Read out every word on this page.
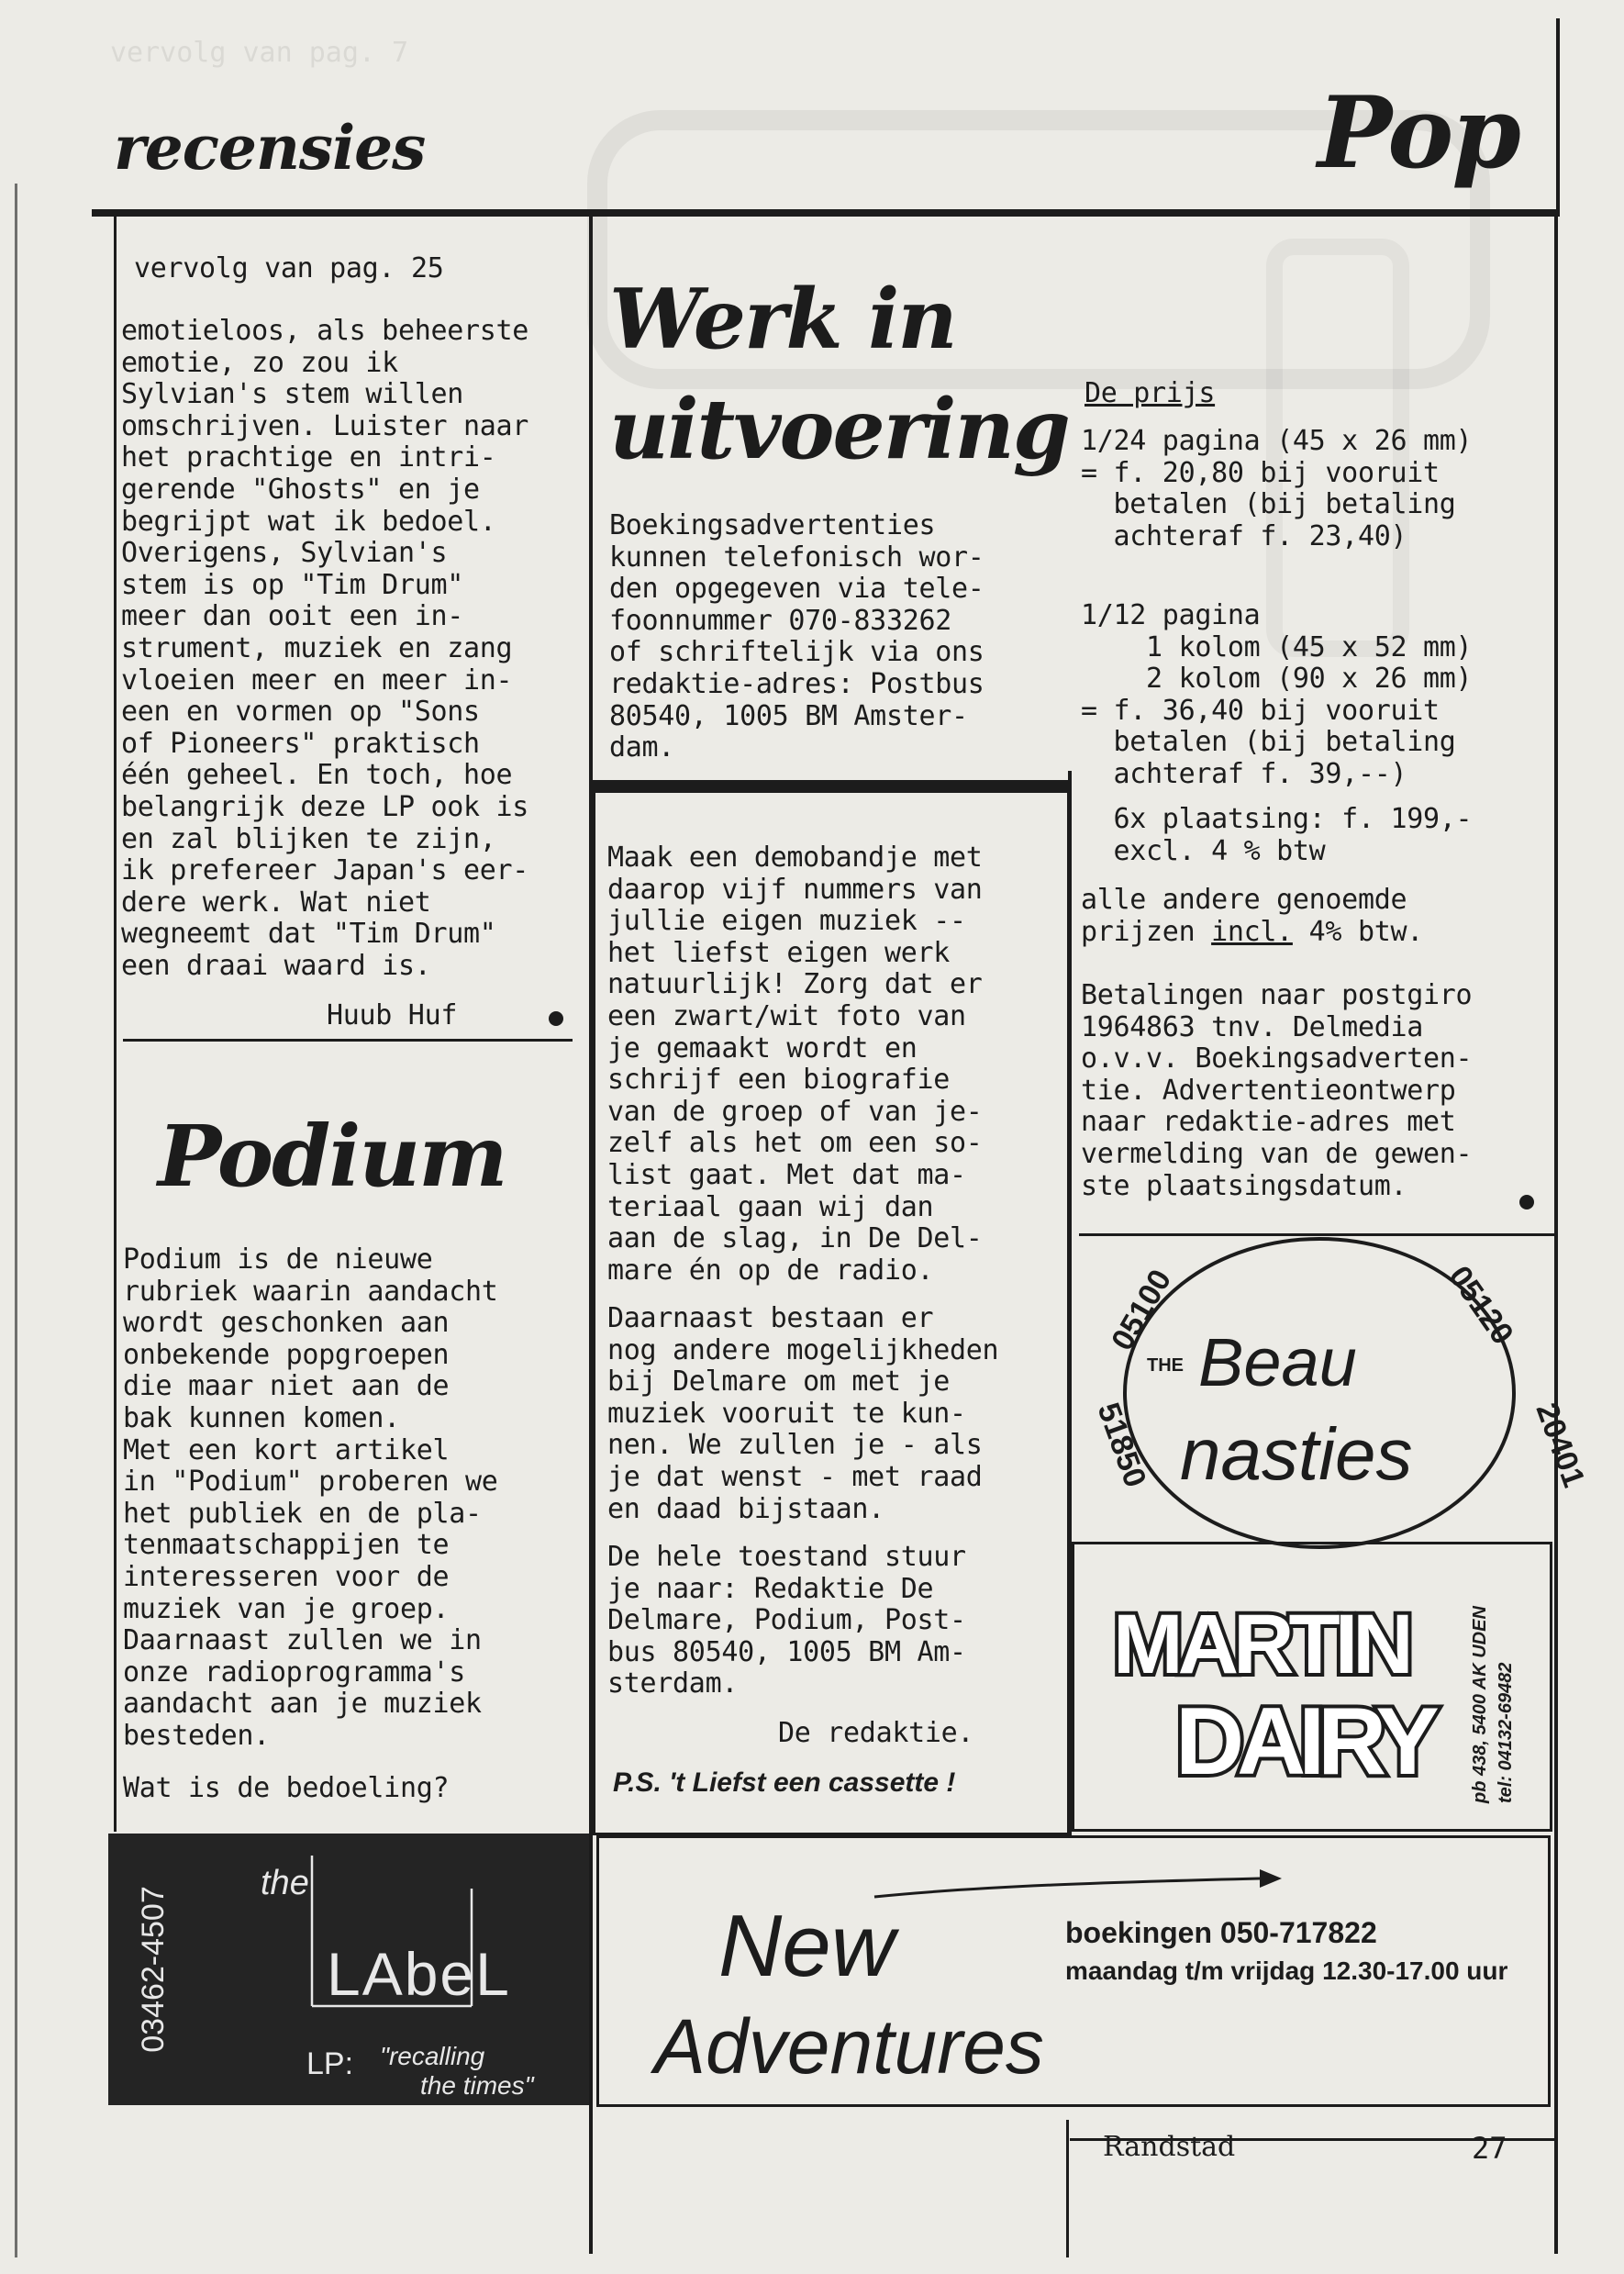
vervolg van pag. 7
recensies	Pop
vervolg van pag. 25
emotieloos, als beheerste
emotie, zo zou ik
Sylvian's stem willen
omschrijven. Luister naar
het prachtige en intri-
gerende "Ghosts" en je
begrijpt wat ik bedoel.
Overigens, Sylvian's
stem is op "Tim Drum"
meer dan ooit een in-
strument, muziek en zang
vloeien meer en meer in-
een en vormen op "Sons
of Pioneers" praktisch
één geheel. En toch, hoe
belangrijk deze LP ook is
en zal blijken te zijn,
ik prefereer Japan's eer-
dere werk. Wat niet
wegneemt dat "Tim Drum"
een draai waard is.
Huub Huf
Podium
Podium is de nieuwe
rubriek waarin aandacht
wordt geschonken aan
onbekende popgroepen
die maar niet aan de
bak kunnen komen.
Met een kort artikel
in "Podium" proberen we
het publiek en de pla-
tenmaatschappijen te
interesseren voor de
muziek van je groep.
Daarnaast zullen we in
onze radioprogramma's
aandacht aan je muziek
besteden.
Wat is de bedoeling?
03462-4507
the
LAbeL
LP: "recalling
the times"
Werk in
uitvoering
Boekingsadvertenties
kunnen telefonisch wor-
den opgegeven via tele-
foonnummer 070-833262
of schriftelijk via ons
redaktie-adres: Postbus
80540, 1005 BM Amster-
dam.
Maak een demobandje met
daarop vijf nummers van
jullie eigen muziek --
het liefst eigen werk
natuurlijk! Zorg dat er
een zwart/wit foto van
je gemaakt wordt en
schrijf een biografie
van de groep of van je-
zelf als het om een so-
list gaat. Met dat ma-
teriaal gaan wij dan
aan de slag, in De Del-
mare én op de radio.
Daarnaast bestaan er
nog andere mogelijkheden
bij Delmare om met je
muziek vooruit te kun-
nen. We zullen je - als
je dat wenst - met raad
en daad bijstaan.
De hele toestand stuur
je naar: Redaktie De
Delmare, Podium, Post-
bus 80540, 1005 BM Am-
sterdam.
De redaktie.
P.S. 't Liefst een cassette !
New
Adventures
boekingen 050-717822
maandag t/m vrijdag 12.30-17.00 uur
De prijs
1/24 pagina (45 x 26 mm)
= f. 20,80 bij vooruit
betalen (bij betaling
achteraf f. 23,40)
1/12 pagina
1 kolom (45 x 52 mm)
2 kolom (90 x 26 mm)
= f. 36,40 bij vooruit
betalen (bij betaling
achteraf f. 39,--)
6x plaatsing: f. 199,-
excl. 4 % btw
alle andere genoemde
prijzen incl. 4% btw.
Betalingen naar postgiro
1964863 tnv. Delmedia
o.v.v. Boekingsadverten-
tie. Advertentieontwerp
naar redaktie-adres met
vermelding van de gewen-
ste plaatsingsdatum.
05100	05120
51850	20401
THE Beau
nasties
MARTIN
DAIRY	pb 438, 5400 AK UDEN tel: 04132-69482
Randstad	27
